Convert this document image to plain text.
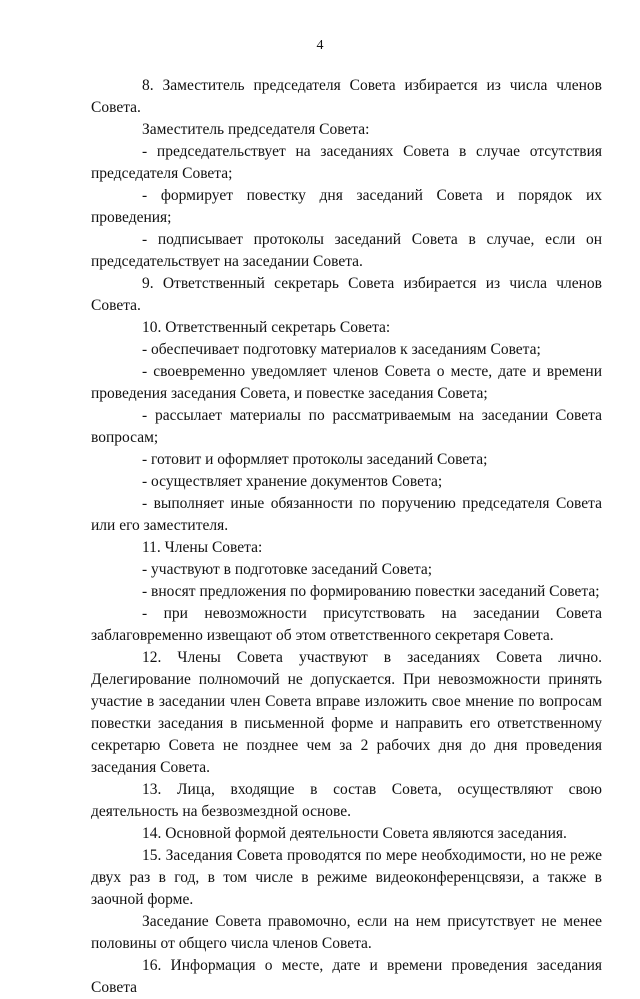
4

8. Заместитель председателя Совета избирается из числа членов Совета.

Заместитель председателя Совета:

- председательствует на заседаниях Совета в случае отсутствия председателя Совета;

- формирует повестку дня заседаний Совета и порядок их проведения;

- подписывает протоколы заседаний Совета в случае, если он председательствует на заседании Совета.

9. Ответственный секретарь Совета избирается из числа членов Совета.

10. Ответственный секретарь Совета:

- обеспечивает подготовку материалов к заседаниям Совета;

- своевременно уведомляет членов Совета о месте, дате и времени проведения заседания Совета, и повестке заседания Совета;

- рассылает материалы по рассматриваемым на заседании Совета вопросам;

- готовит и оформляет протоколы заседаний Совета;

- осуществляет хранение документов Совета;

- выполняет иные обязанности по поручению председателя Совета или его заместителя.

11. Члены Совета:

- участвуют в подготовке заседаний Совета;

- вносят предложения по формированию повестки заседаний Совета;

- при невозможности присутствовать на заседании Совета заблаговременно извещают об этом ответственного секретаря Совета.

12. Члены Совета участвуют в заседаниях Совета лично. Делегирование полномочий не допускается. При невозможности принять участие в заседании член Совета вправе изложить свое мнение по вопросам повестки заседания в письменной форме и направить его ответственному секретарю Совета не позднее чем за 2 рабочих дня до дня проведения заседания Совета.

13. Лица, входящие в состав Совета, осуществляют свою деятельность на безвозмездной основе.

14. Основной формой деятельности Совета являются заседания.

15. Заседания Совета проводятся по мере необходимости, но не реже двух раз в год, в том числе в режиме видеоконференцсвязи, а также в заочной форме.

Заседание Совета правомочно, если на нем присутствует не менее половины от общего числа членов Совета.

16. Информация о месте, дате и времени проведения заседания Совета
